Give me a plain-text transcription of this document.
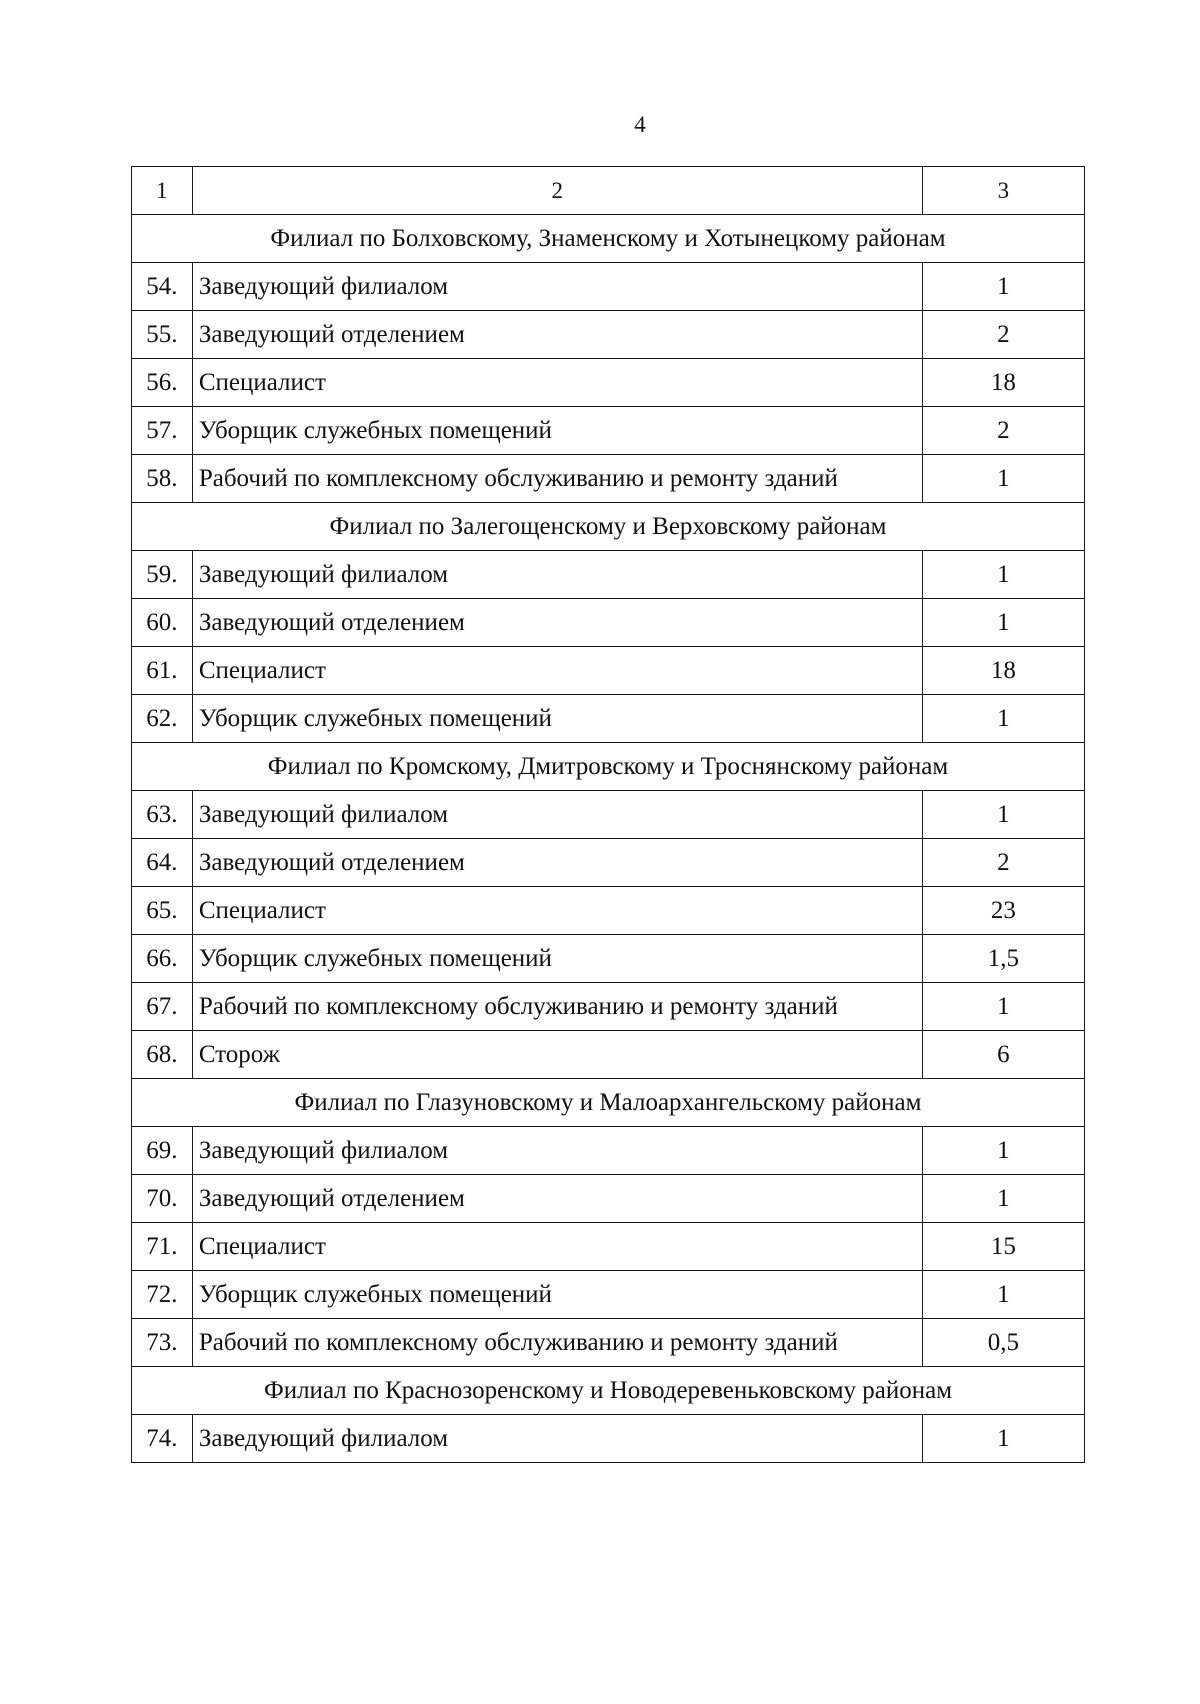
4
1	2	3
Филиал по Болховскому, Знаменскому и Хотынецкому районам		
54.	Заведующий филиалом	1
55.	Заведующий отделением	2
56.	Специалист	18
57.	Уборщик служебных помещений	2
58.	Рабочий по комплексному обслуживанию и ремонту зданий	1
Филиал по Залегощенскому и Верховскому районам		
59.	Заведующий филиалом	1
60.	Заведующий отделением	1
61.	Специалист	18
62.	Уборщик служебных помещений	1
Филиал по Кромскому, Дмитровскому и Троснянскому районам		
63.	Заведующий филиалом	1
64.	Заведующий отделением	2
65.	Специалист	23
66.	Уборщик служебных помещений	1,5
67.	Рабочий по комплексному обслуживанию и ремонту зданий	1
68.	Сторож	6
Филиал по Глазуновскому и Малоархангельскому районам		
69.	Заведующий филиалом	1
70.	Заведующий отделением	1
71.	Специалист	15
72.	Уборщик служебных помещений	1
73.	Рабочий по комплексному обслуживанию и ремонту зданий	0,5
Филиал по Краснозоренскому и Новодеревеньковскому районам		
74.	Заведующий филиалом	1
